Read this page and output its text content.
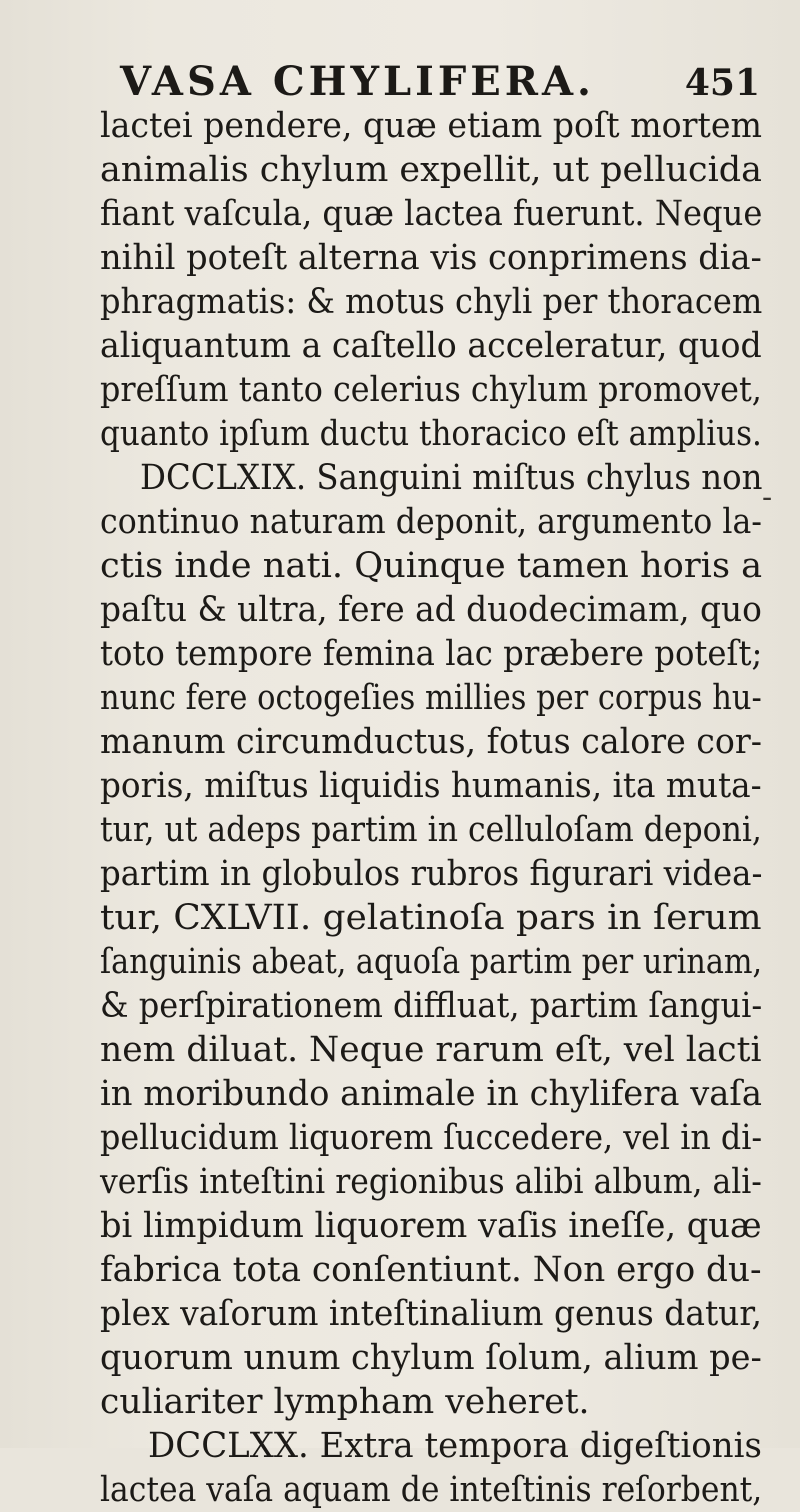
VASA CHYLIFERA. 451
lactei pendere, quæ etiam poſt mortem
animalis chylum expellit, ut pellucida
fiant vaſcula, quæ lactea fuerunt. Neque
nihil poteſt alterna vis conprimens dia-
phragmatis: & motus chyli per thoracem
aliquantum a caſtello acceleratur, quod
preſſum tanto celerius chylum promovet,
quanto ipſum ductu thoracico eſt amplius.
DCCLXIX. Sanguini miſtus chylus non
continuo naturam deponit, argumento la-
ctis inde nati. Quinque tamen horis a
paſtu & ultra, fere ad duodecimam, quo
toto tempore femina lac præbere poteſt;
nunc fere octogeſies millies per corpus hu-
manum circumductus, fotus calore cor-
poris, miſtus liquidis humanis, ita muta-
tur, ut adeps partim in celluloſam deponi,
partim in globulos rubros figurari videa-
tur, CXLVII. gelatinoſa pars in ſerum
ſanguinis abeat, aquoſa partim per urinam,
& perſpirationem diffluat, partim ſangui-
nem diluat. Neque rarum eſt, vel lacti
in moribundo animale in chylifera vaſa
pellucidum liquorem ſuccedere, vel in di-
verſis inteſtini regionibus alibi album, ali-
bi limpidum liquorem vaſis ineſſe, quæ
fabrica tota conſentiunt. Non ergo du-
plex vaſorum inteſtinalium genus datur,
quorum unum chylum ſolum, alium pe-
culiariter lympham veheret.
DCCLXX. Extra tempora digeſtionis
lactea vaſa aquam de inteſtinis reſorbent,
-
